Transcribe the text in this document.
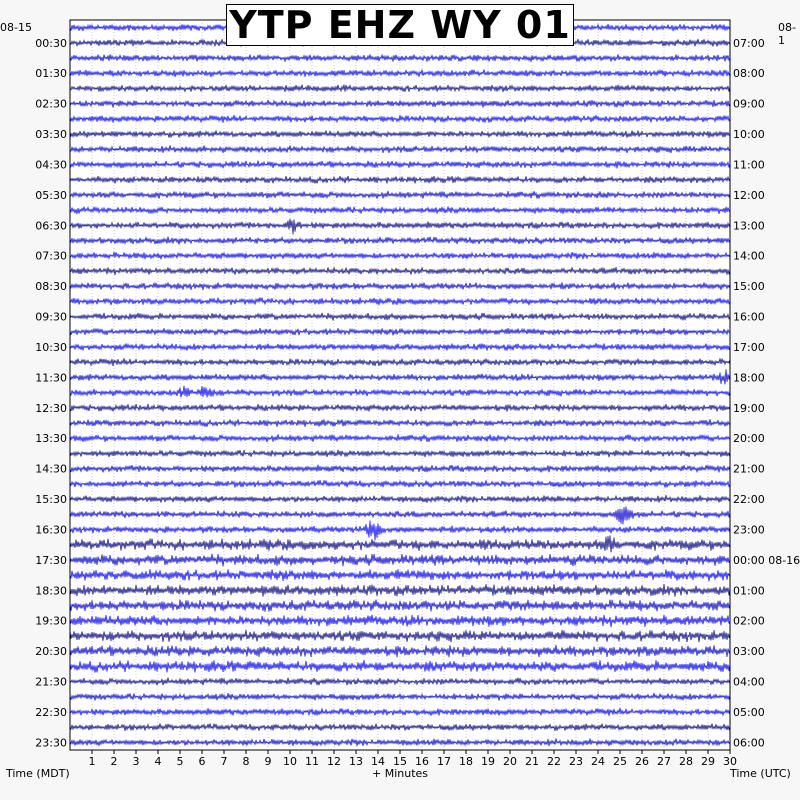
00:30
01:30
02:30
03:30
04:30
05:30
06:30
07:30
08:30
09:30
10:30
11:30
12:30
13:30
14:30
15:30
16:30
17:30
18:30
19:30
20:30
21:30
22:30
23:30
07:00
08:00
09:00
10:00
11:00
12:00
13:00
14:00
15:00
16:00
17:00
18:00
19:00
20:00
21:00
22:00
23:00
00:00 08-16
01:00
02:00
03:00
04:00
05:00
06:00
1 2 3 4 5 6 7 8 9 10 11 12 13 14 15 16 17 18 19 20 21 22 23 24 25 26 27 28 29 30
YTP EHZ WY 01
08-15	08-1
Time (MDT)	+ Minutes	Time (UTC)
